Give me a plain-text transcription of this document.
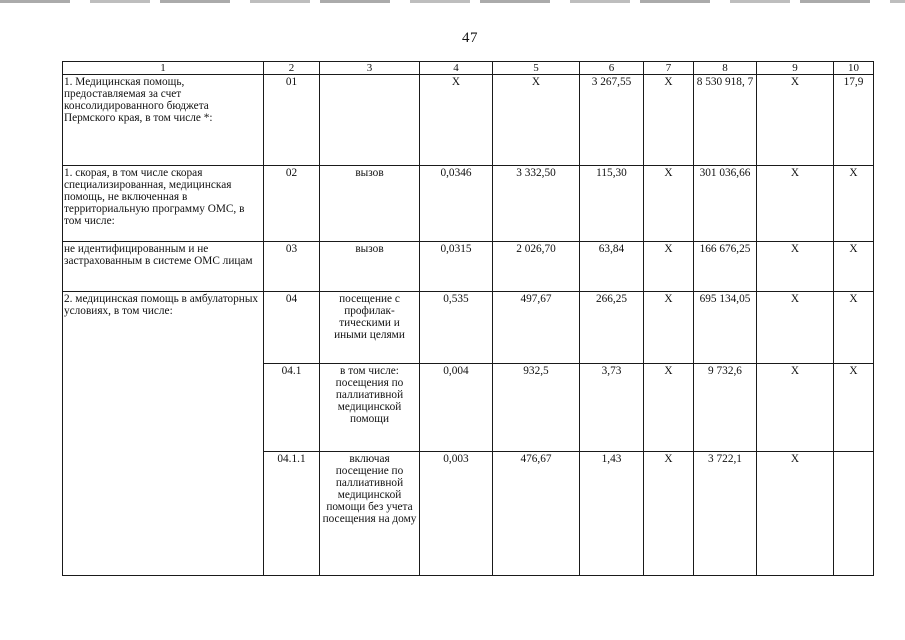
47
1	2	3	4	5	6	7	8	9	10
1. Медицинская помощь, предоставляемая за счет консолидированного бюджета Пермского края, в том числе *:	01		Х	Х	3 267,55	Х	8 530 918, 7	Х	17,9
1. скорая, в том числе скорая специализированная, медицинская помощь, не включенная в территориальную программу ОМС, в том числе:	02	вызов	0,0346	3 332,50	115,30	Х	301 036,66	Х	Х
не идентифицированным и не застрахованным в системе ОМС лицам	03	вызов	0,0315	2 026,70	63,84	Х	166 676,25	Х	Х
2. медицинская помощь в амбулаторных условиях, в том числе:	04	посещение с профилак-тическими и иными целями	0,535	497,67	266,25	Х	695 134,05	Х	Х
	04.1	в том числе: посещения по паллиативной медицинской помощи	0,004	932,5	3,73	Х	9 732,6	Х	Х
	04.1.1	включая посещение по паллиативной медицинской помощи без учета посещения на дому	0,003	476,67	1,43	Х	3 722,1	Х	
